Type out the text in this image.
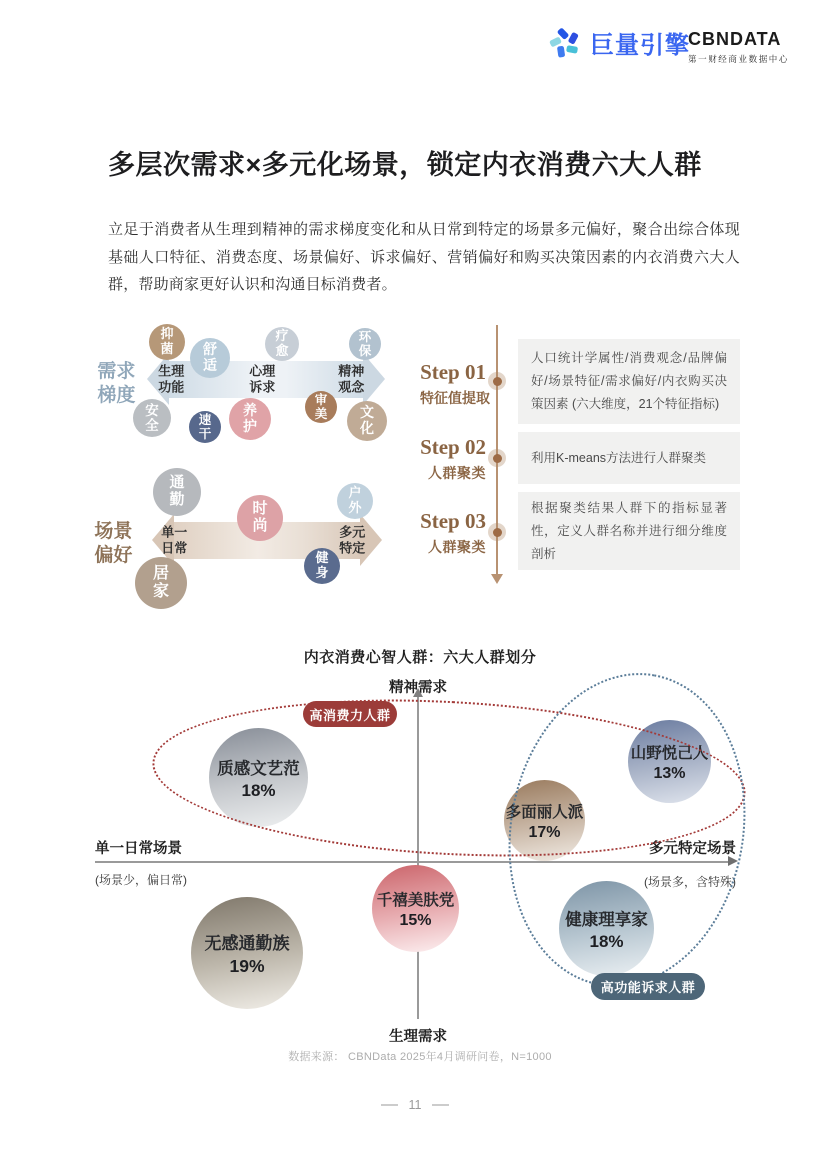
巨量引擎
CBNDATA
第一财经商业数据中心
多层次需求×多元化场景，锁定内衣消费六大人群

立足于消费者从生理到精神的需求梯度变化和从日常到特定的场景多元偏好，聚合出综合体现基础人口特征、消费态度、场景偏好、诉求偏好、营销偏好和购买决策因素的内衣消费六大人群，帮助商家更好认识和沟通目标消费者。

需求梯度
生理功能
心理诉求
精神观念
抑菌 舒适
疗愈
环保
安全	速干
养护
审美 文化
场景偏好
单一日常
多元特定
通勤
时尚
户外
居家
健身
Step 01
特征值提取
Step 02
人群聚类
Step 03
人群聚类
人口统计学属性/消费观念/品牌偏好/场景特征/需求偏好/内衣购买决策因素 (六大维度，21个特征指标)
利用K-means方法进行人群聚类
根据聚类结果人群下的指标显著性，定义人群名称并进行细分维度剖析
内衣消费心智人群：六大人群划分
精神需求
生理需求
单一日常场景
(场景少，偏日常)
多元特定场景
(场景多，含特殊)
质感文艺范
18%
山野悦己人
13%
多面丽人派
17%
千禧美肤党
15%
无感通勤族
19%
健康理享家
18%
高消费力人群
高功能诉求人群
数据来源： CBNData 2025年4月调研问卷，N=1000
11
